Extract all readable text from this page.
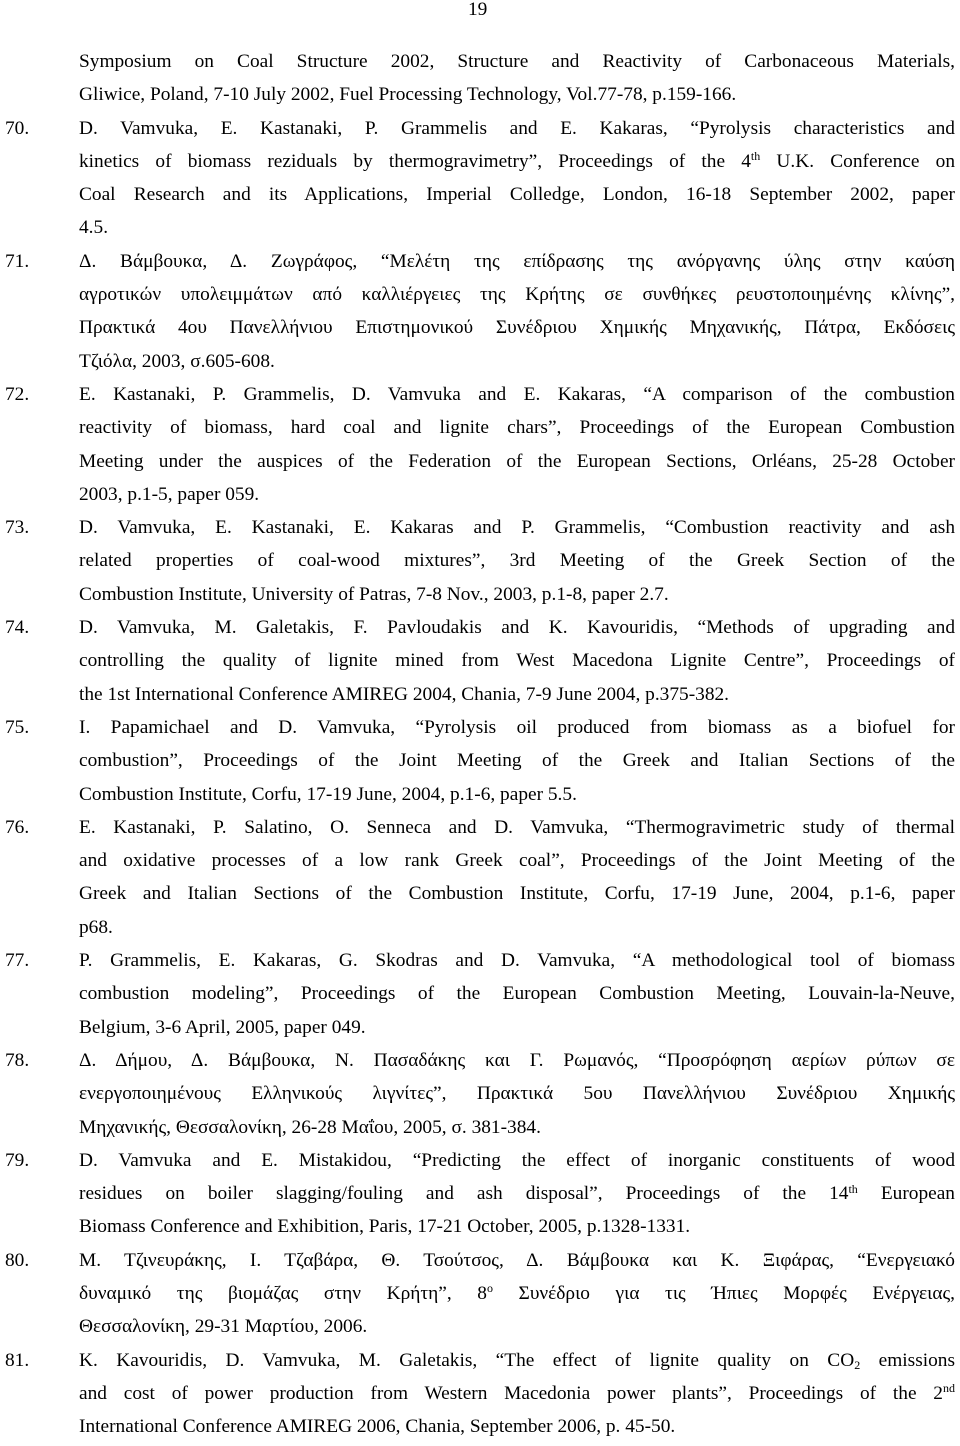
19
Symposium on Coal Structure 2002, Structure and Reactivity of Carbonaceous Materials,
Gliwice, Poland, 7-10 July 2002, Fuel Processing Technology, Vol.77-78, p.159-166.
70.	D. Vamvuka, E. Kastanaki, P. Grammelis and E. Kakaras, “Pyrolysis characteristics and
kinetics of biomass reziduals by thermogravimetry”, Proceedings of the 4th U.K. Conference on
Coal Research and its Applications, Imperial Colledge, London, 16-18 September 2002, paper
4.5.
71.	Δ. Βάμβουκα, Δ. Ζωγράφος, “Μελέτη της επίδρασης της ανόργανης ύλης στην καύση
αγροτικών υπολειμμάτων από καλλιέργειες της Κρήτης σε συνθήκες ρευστοποιημένης κλίνης”,
Πρακτικά 4ου Πανελλήνιου Επιστημονικού Συνέδριου Χημικής Μηχανικής, Πάτρα, Εκδόσεις
Τζιόλα, 2003, σ.605-608.
72.	E. Kastanaki, P. Grammelis, D. Vamvuka and E. Kakaras, “A comparison of the combustion
reactivity of biomass, hard coal and lignite chars”, Proceedings of the European Combustion
Meeting under the auspices of the Federation of the European Sections, Orléans, 25-28 October
2003, p.1-5, paper 059.
73.	D. Vamvuka, E. Kastanaki, E. Kakaras and P. Grammelis, “Combustion reactivity and ash
related properties of coal-wood mixtures”, 3rd Meeting of the Greek Section of the
Combustion Institute, University of Patras, 7-8 Nov., 2003, p.1-8, paper 2.7.
74.	D. Vamvuka, M. Galetakis, F. Pavloudakis and K. Kavouridis, “Methods of upgrading and
controlling the quality of lignite mined from West Macedona Lignite Centre”, Proceedings of
the 1st International Conference AMIREG 2004, Chania, 7-9 June 2004, p.375-382.
75.	I. Papamichael and D. Vamvuka, “Pyrolysis oil produced from biomass as a biofuel for
combustion”, Proceedings of the Joint Meeting of the Greek and Italian Sections of the
Combustion Institute, Corfu, 17-19 June, 2004, p.1-6, paper 5.5.
76.	E. Kastanaki, P. Salatino, O. Senneca and D. Vamvuka, “Thermogravimetric study of thermal
and oxidative processes of a low rank Greek coal”, Proceedings of the Joint Meeting of the
Greek and Italian Sections of the Combustion Institute, Corfu, 17-19 June, 2004, p.1-6, paper
p68.
77.	P. Grammelis, E. Kakaras, G. Skodras and D. Vamvuka, “A methodological tool of biomass
combustion modeling”, Proceedings of the European Combustion Meeting, Louvain-la-Neuve,
Belgium, 3-6 April, 2005, paper 049.
78.	Δ. Δήμου, Δ. Βάμβουκα, Ν. Πασαδάκης και Γ. Ρωμανός, “Προσρόφηση αερίων ρύπων σε
ενεργοποιημένους Ελληνικούς λιγνίτες”, Πρακτικά 5ου Πανελλήνιου Συνέδριου Χημικής
Μηχανικής, Θεσσαλονίκη, 26-28 Μαΐου, 2005, σ. 381-384.
79.	D. Vamvuka and E. Mistakidou, “Predicting the effect of inorganic constituents of wood
residues on boiler slagging/fouling and ash disposal”, Proceedings of the 14th European
Biomass Conference and Exhibition, Paris, 17-21 October, 2005, p.1328-1331.
80.	Μ. Τζινευράκης, Ι. Τζαβάρα, Θ. Τσούτσος, Δ. Βάμβουκα και Κ. Ξιφάρας, “Ενεργειακό
δυναμικό της βιομάζας στην Κρήτη”, $8^o$ Συνέδριο για τις Ήπιες Μορφές Ενέργειας,
Θεσσαλονίκη, 29-31 Μαρτίου, 2006.
81.	K. Kavouridis, D. Vamvuka, M. Galetakis, “The effect of lignite quality on CO2 emissions
and cost of power production from Western Macedonia power plants”, Proceedings of the 2nd
International Conference AMIREG 2006, Chania, September 2006, p. 45-50.
